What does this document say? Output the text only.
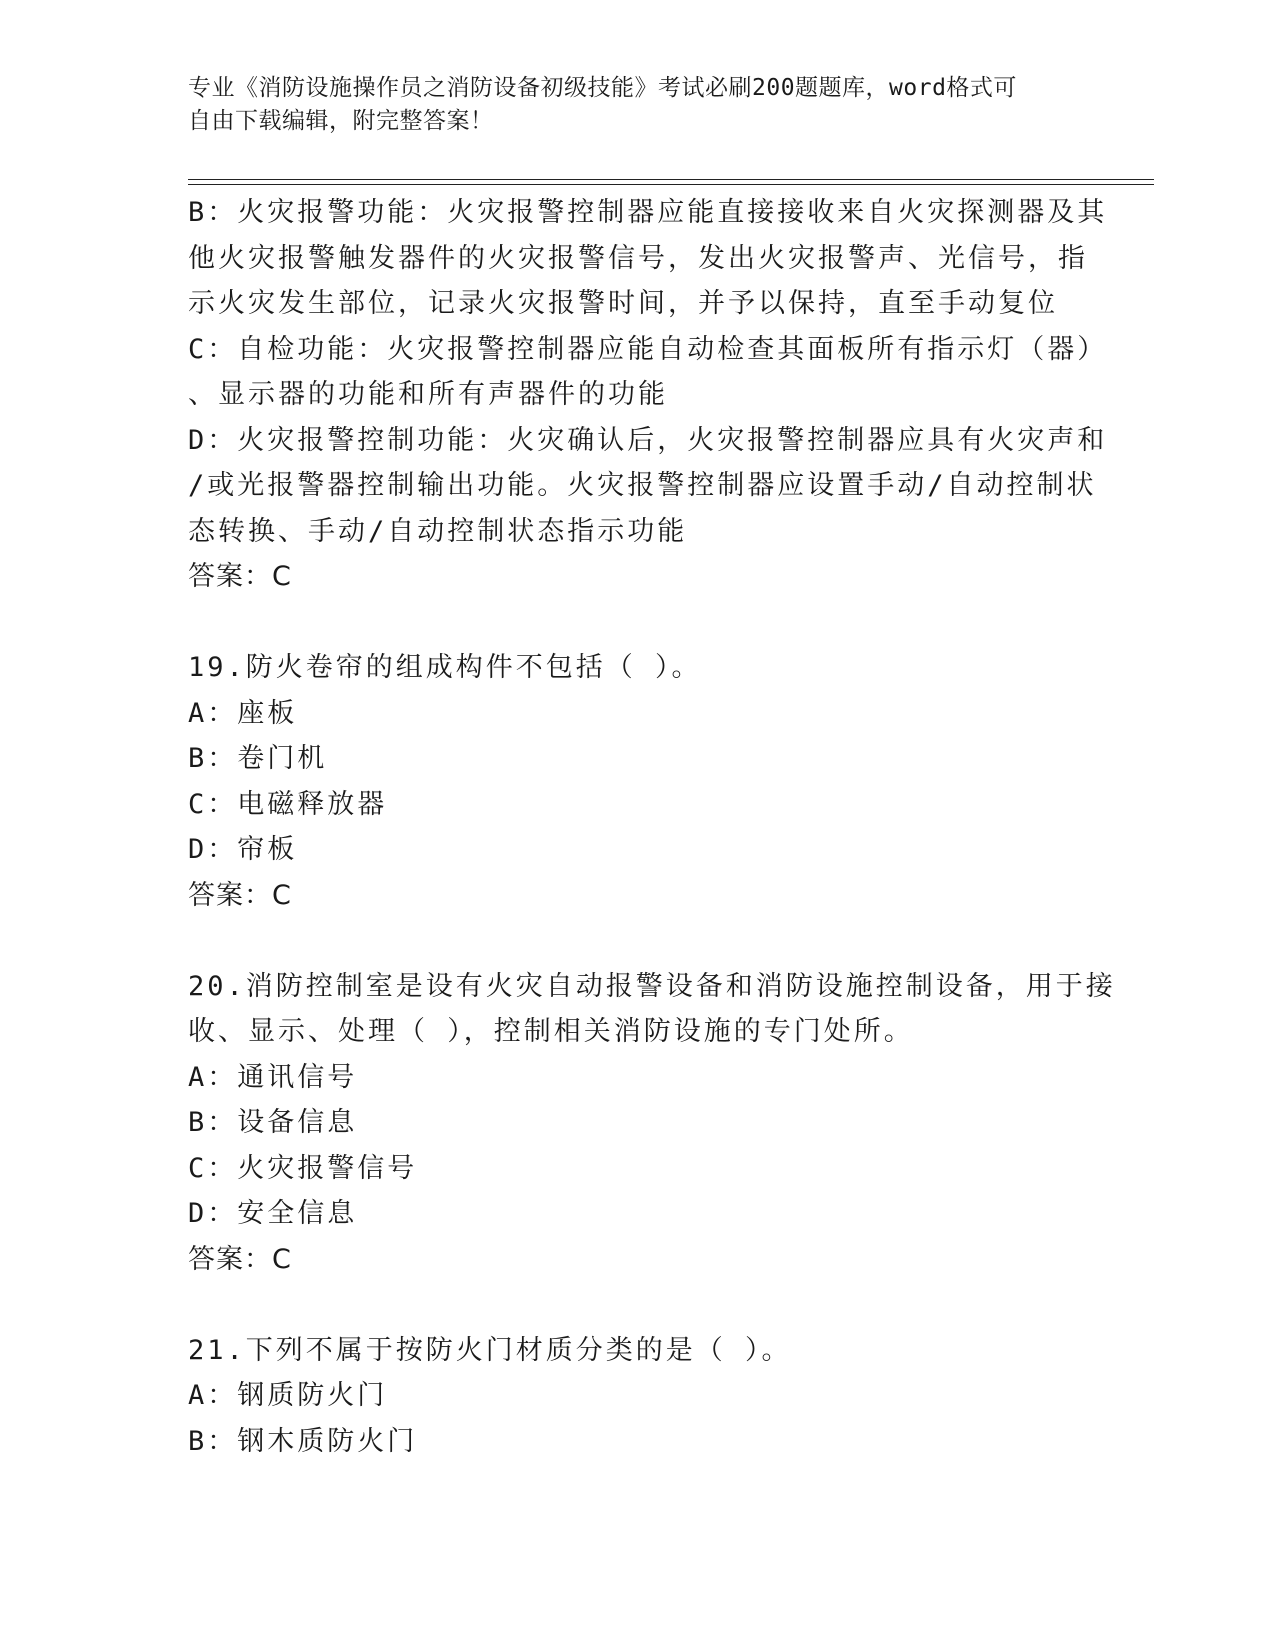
专业《消防设施操作员之消防设备初级技能》考试必刷200题题库，word格式可
自由下载编辑，附完整答案！
B：火灾报警功能：火灾报警控制器应能直接接收来自火灾探测器及其
他火灾报警触发器件的火灾报警信号，发出火灾报警声、光信号，指
示火灾发生部位，记录火灾报警时间，并予以保持，直至手动复位
C：自检功能：火灾报警控制器应能自动检查其面板所有指示灯（器）
、显示器的功能和所有声器件的功能
D：火灾报警控制功能：火灾确认后，火灾报警控制器应具有火灾声和
/或光报警器控制输出功能。火灾报警控制器应设置手动/自动控制状
态转换、手动/自动控制状态指示功能
答案：C
19.防火卷帘的组成构件不包括（ ）。
A：座板
B：卷门机
C：电磁释放器
D：帘板
答案：C
20.消防控制室是设有火灾自动报警设备和消防设施控制设备，用于接
收、显示、处理（ ），控制相关消防设施的专门处所。
A：通讯信号
B：设备信息
C：火灾报警信号
D：安全信息
答案：C
21.下列不属于按防火门材质分类的是（ ）。
A：钢质防火门
B：钢木质防火门
